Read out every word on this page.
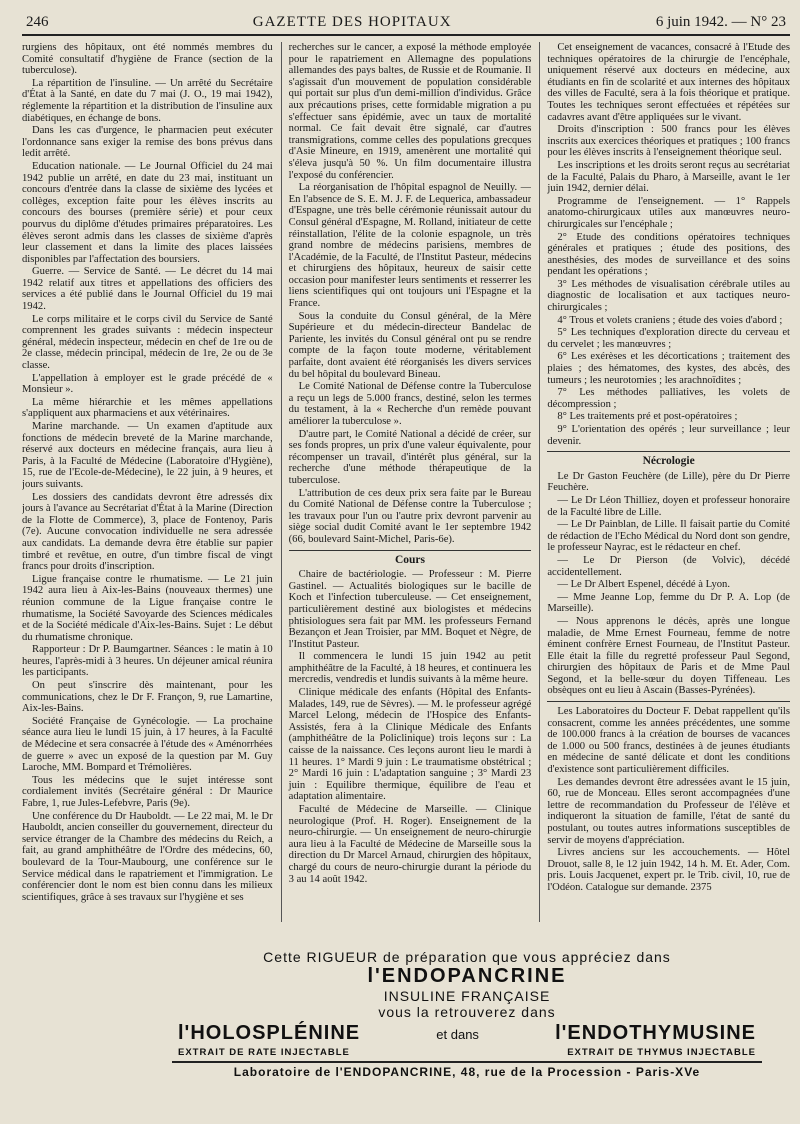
246	GAZETTE DES HOPITAUX	6 juin 1942. — N° 23

rurgiens des hôpitaux, ont été nommés membres du Comité consultatif d'hygiène de France (section de la tuberculose).

La répartition de l'insuline. — Un arrêté du Secrétaire d'État à la Santé, en date du 7 mai (J. O., 19 mai 1942), réglemente la répartition et la distribution de l'insuline aux diabétiques, en échange de bons.

Dans les cas d'urgence, le pharmacien peut exécuter l'ordonnance sans exiger la remise des bons prévus dans ledit arrêté.

Education nationale. — Le Journal Officiel du 24 mai 1942 publie un arrêté, en date du 23 mai, instituant un concours d'entrée dans la classe de sixième des lycées et collèges, exception faite pour les élèves inscrits au concours des bourses (première série) et pour ceux pourvus du diplôme d'études primaires préparatoires. Les élèves seront admis dans les classes de sixième d'après leur classement et dans la limite des places laissées disponibles par l'affectation des boursiers.

Guerre. — Service de Santé. — Le décret du 14 mai 1942 relatif aux titres et appellations des officiers des services a été publié dans le Journal Officiel du 19 mai 1942.

Le corps militaire et le corps civil du Service de Santé comprennent les grades suivants : médecin inspecteur général, médecin inspecteur, médecin en chef de 1re ou de 2e classe, médecin principal, médecin de 1re, 2e ou de 3e classe.

L'appellation à employer est le grade précédé de « Monsieur ».

La même hiérarchie et les mêmes appellations s'appliquent aux pharmaciens et aux vétérinaires.

Marine marchande. — Un examen d'aptitude aux fonctions de médecin breveté de la Marine marchande, réservé aux docteurs en médecine français, aura lieu à Paris, à la Faculté de Médecine (Laboratoire d'Hygiène), 15, rue de l'Ecole-de-Médecine), le 22 juin, à 9 heures, et jours suivants.

Les dossiers des candidats devront être adressés dix jours à l'avance au Secrétariat d'État à la Marine (Direction de la Flotte de Commerce), 3, place de Fontenoy, Paris (7e). Aucune convocation individuelle ne sera adressée aux candidats. La demande devra être établie sur papier timbré et revêtue, en outre, d'un timbre fiscal de vingt francs pour droits d'inscription.

Ligue française contre le rhumatisme. — Le 21 juin 1942 aura lieu à Aix-les-Bains (nouveaux thermes) une réunion commune de la Ligue française contre le rhumatisme, la Société Savoyarde des Sciences médicales et de la Société médicale d'Aix-les-Bains. Sujet : Le début du rhumatisme chronique.

Rapporteur : Dr P. Baumgartner. Séances : le matin à 10 heures, l'après-midi à 3 heures. Un déjeuner amical réunira les participants.

On peut s'inscrire dès maintenant, pour les communications, chez le Dr F. Françon, 9, rue Lamartine, Aix-les-Bains.

Société Française de Gynécologie. — La prochaine séance aura lieu le lundi 15 juin, à 17 heures, à la Faculté de Médecine et sera consacrée à l'étude des « Aménorrhées de guerre » avec un exposé de la question par M. Guy Laroche, MM. Bompard et Trémolières.

Tous les médecins que le sujet intéresse sont cordialement invités (Secrétaire général : Dr Maurice Fabre, 1, rue Jules-Lefebvre, Paris (9e).

Une conférence du Dr Hauboldt. — Le 22 mai, M. le Dr Hauboldt, ancien conseiller du gouvernement, directeur du service étranger de la Chambre des médecins du Reich, a fait, au grand amphithéâtre de l'Ordre des médecins, 60, boulevard de la Tour-Maubourg, une conférence sur le Service médical dans le rapatriement et l'immigration. Le conférencier dont le nom est bien connu dans les milieux scientifiques, grâce à ses travaux sur l'hygiène et ses

recherches sur le cancer, a exposé la méthode employée pour le rapatriement en Allemagne des populations allemandes des pays baltes, de Russie et de Roumanie. Il s'agissait d'un mouvement de population considérable qui portait sur plus d'un demi-million d'individus. Grâce aux précautions prises, cette formidable migration a pu s'effectuer sans épidémie, avec un taux de mortalité normal. Ce fait devait être signalé, car d'autres transmigrations, comme celles des populations grecques d'Asie Mineure, en 1919, amenèrent une mortalité qui s'éleva jusqu'à 50 %. Un film documentaire illustra l'exposé du conférencier.

La réorganisation de l'hôpital espagnol de Neuilly. — En l'absence de S. E. M. J. F. de Lequerica, ambassadeur d'Espagne, une très belle cérémonie réunissait autour du Consul général d'Espagne, M. Rolland, initiateur de cette réinstallation, l'élite de la colonie espagnole, un très grand nombre de médecins parisiens, membres de l'Académie, de la Faculté, de l'Institut Pasteur, médecins et chirurgiens des hôpitaux, heureux de saisir cette occasion pour manifester leurs sentiments et resserrer les liens scientifiques qui ont toujours uni l'Espagne et la France.

Sous la conduite du Consul général, de la Mère Supérieure et du médecin-directeur Bandelac de Pariente, les invités du Consul général ont pu se rendre compte de la façon toute moderne, véritablement parfaite, dont avaient été réorganisés les divers services du bel hôpital du boulevard Bineau.

Le Comité National de Défense contre la Tuberculose a reçu un legs de 5.000 francs, destiné, selon les termes du testament, à la « Recherche d'un remède pouvant améliorer la tuberculose ».

D'autre part, le Comité National a décidé de créer, sur ses fonds propres, un prix d'une valeur équivalente, pour récompenser un travail, d'intérêt plus général, sur la recherche d'une méthode thérapeutique de la tuberculose.

L'attribution de ces deux prix sera faite par le Bureau du Comité National de Défense contre la Tuberculose ; les travaux pour l'un ou l'autre prix devront parvenir au siège social dudit Comité avant le 1er septembre 1942 (66, boulevard Saint-Michel, Paris-6e).

Cours

Chaire de bactériologie. — Professeur : M. Pierre Gastinel. — Actualités biologiques sur le bacille de Koch et l'infection tuberculeuse. — Cet enseignement, particulièrement destiné aux biologistes et médecins phtisiologues sera fait par MM. les professeurs Fernand Bezançon et Jean Troisier, par MM. Boquet et Nègre, de l'Institut Pasteur.

Il commencera le lundi 15 juin 1942 au petit amphithéâtre de la Faculté, à 18 heures, et continuera les mercredis, vendredis et lundis suivants à la même heure.

Clinique médicale des enfants (Hôpital des Enfants-Malades, 149, rue de Sèvres). — M. le professeur agrégé Marcel Lelong, médecin de l'Hospice des Enfants-Assistés, fera à la Clinique Médicale des Enfants (amphithéâtre de la Policlinique) trois leçons sur : La caisse de la naissance. Ces leçons auront lieu le mardi à 11 heures. 1° Mardi 9 juin : Le traumatisme obstétrical ; 2° Mardi 16 juin : L'adaptation sanguine ; 3° Mardi 23 juin : Equilibre thermique, équilibre de l'eau et adaptation alimentaire.

Faculté de Médecine de Marseille. — Clinique neurologique (Prof. H. Roger). Enseignement de la neuro-chirurgie. — Un enseignement de neuro-chirurgie aura lieu à la Faculté de Médecine de Marseille sous la direction du Dr Marcel Arnaud, chirurgien des hôpitaux, chargé du cours de neuro-chirurgie durant la période du 3 au 14 août 1942.

Cet enseignement de vacances, consacré à l'Etude des techniques opératoires de la chirurgie de l'encéphale, uniquement réservé aux docteurs en médecine, aux étudiants en fin de scolarité et aux internes des hôpitaux des villes de Faculté, sera à la fois théorique et pratique. Toutes les techniques seront effectuées et répétées sur cadavres avant d'être appliquées sur le vivant.

Droits d'inscription : 500 francs pour les élèves inscrits aux exercices théoriques et pratiques ; 100 francs pour les élèves inscrits à l'enseignement théorique seul.

Les inscriptions et les droits seront reçus au secrétariat de la Faculté, Palais du Pharo, à Marseille, avant le 1er juin 1942, dernier délai.

Programme de l'enseignement. — 1° Rappels anatomo-chirurgicaux utiles aux manœuvres neuro-chirurgicales sur l'encéphale ;

2° Etude des conditions opératoires techniques générales et pratiques ; étude des positions, des anesthésies, des modes de surveillance et des soins pendant les opérations ;

3° Les méthodes de visualisation cérébrale utiles au diagnostic de localisation et aux tactiques neuro-chirurgicales ;

4° Trous et volets craniens ; étude des voies d'abord ;

5° Les techniques d'exploration directe du cerveau et du cervelet ; les manœuvres ;

6° Les exérèses et les décortications ; traitement des plaies ; des hématomes, des kystes, des abcès, des tumeurs ; les neurotomies ; les arachnoïdites ;

7° Les méthodes palliatives, les volets de décompression ;

8° Les traitements pré et post-opératoires ;

9° L'orientation des opérés ; leur surveillance ; leur devenir.

Nécrologie

Le Dr Gaston Feuchère (de Lille), père du Dr Pierre Feuchère.

— Le Dr Léon Thilliez, doyen et professeur honoraire de la Faculté libre de Lille.

— Le Dr Painblan, de Lille. Il faisait partie du Comité de rédaction de l'Echo Médical du Nord dont son gendre, le professeur Nayrac, est le rédacteur en chef.

— Le Dr Pierson (de Volvic), décédé accidentellement.

— Le Dr Albert Espenel, décédé à Lyon.

— Mme Jeanne Lop, femme du Dr P. A. Lop (de Marseille).

— Nous apprenons le décès, après une longue maladie, de Mme Ernest Fourneau, femme de notre éminent confrère Ernest Fourneau, de l'Institut Pasteur. Elle était la fille du regretté professeur Paul Segond, chirurgien des hôpitaux de Paris et de Mme Paul Segond, et la belle-sœur du doyen Tiffeneau. Les obsèques ont eu lieu à Ascain (Basses-Pyrénées).

Les Laboratoires du Docteur F. Debat rappellent qu'ils consacrent, comme les années précédentes, une somme de 100.000 francs à la création de bourses de vacances de 1.000 ou 500 francs, destinées à de jeunes étudiants en médecine de santé délicate et dont les conditions d'existence sont particulièrement difficiles.

Les demandes devront être adressées avant le 15 juin, 60, rue de Monceau. Elles seront accompagnées d'une lettre de recommandation du Professeur de l'élève et indiqueront la situation de famille, l'état de santé du postulant, ou toutes autres informations susceptibles de servir de moyens d'appréciation.

Livres anciens sur les accouchements. — Hôtel Drouot, salle 8, le 12 juin 1942, 14 h. M. Et. Ader, Com. pris. Louis Jacquenet, expert pr. le Trib. civil, 10, rue de l'Odéon. Catalogue sur demande. 2375

Cette RIGUEUR de préparation que vous appréciez dans
l'ENDOPANCRINE
INSULINE FRANÇAISE
vous la retrouverez dans
l'HOLOSPLÉNINE	et dans	l'ENDOTHYMUSINE
EXTRAIT DE RATE INJECTABLE	EXTRAIT DE THYMUS INJECTABLE
Laboratoire de l'ENDOPANCRINE, 48, rue de la Procession - Paris-XVe
